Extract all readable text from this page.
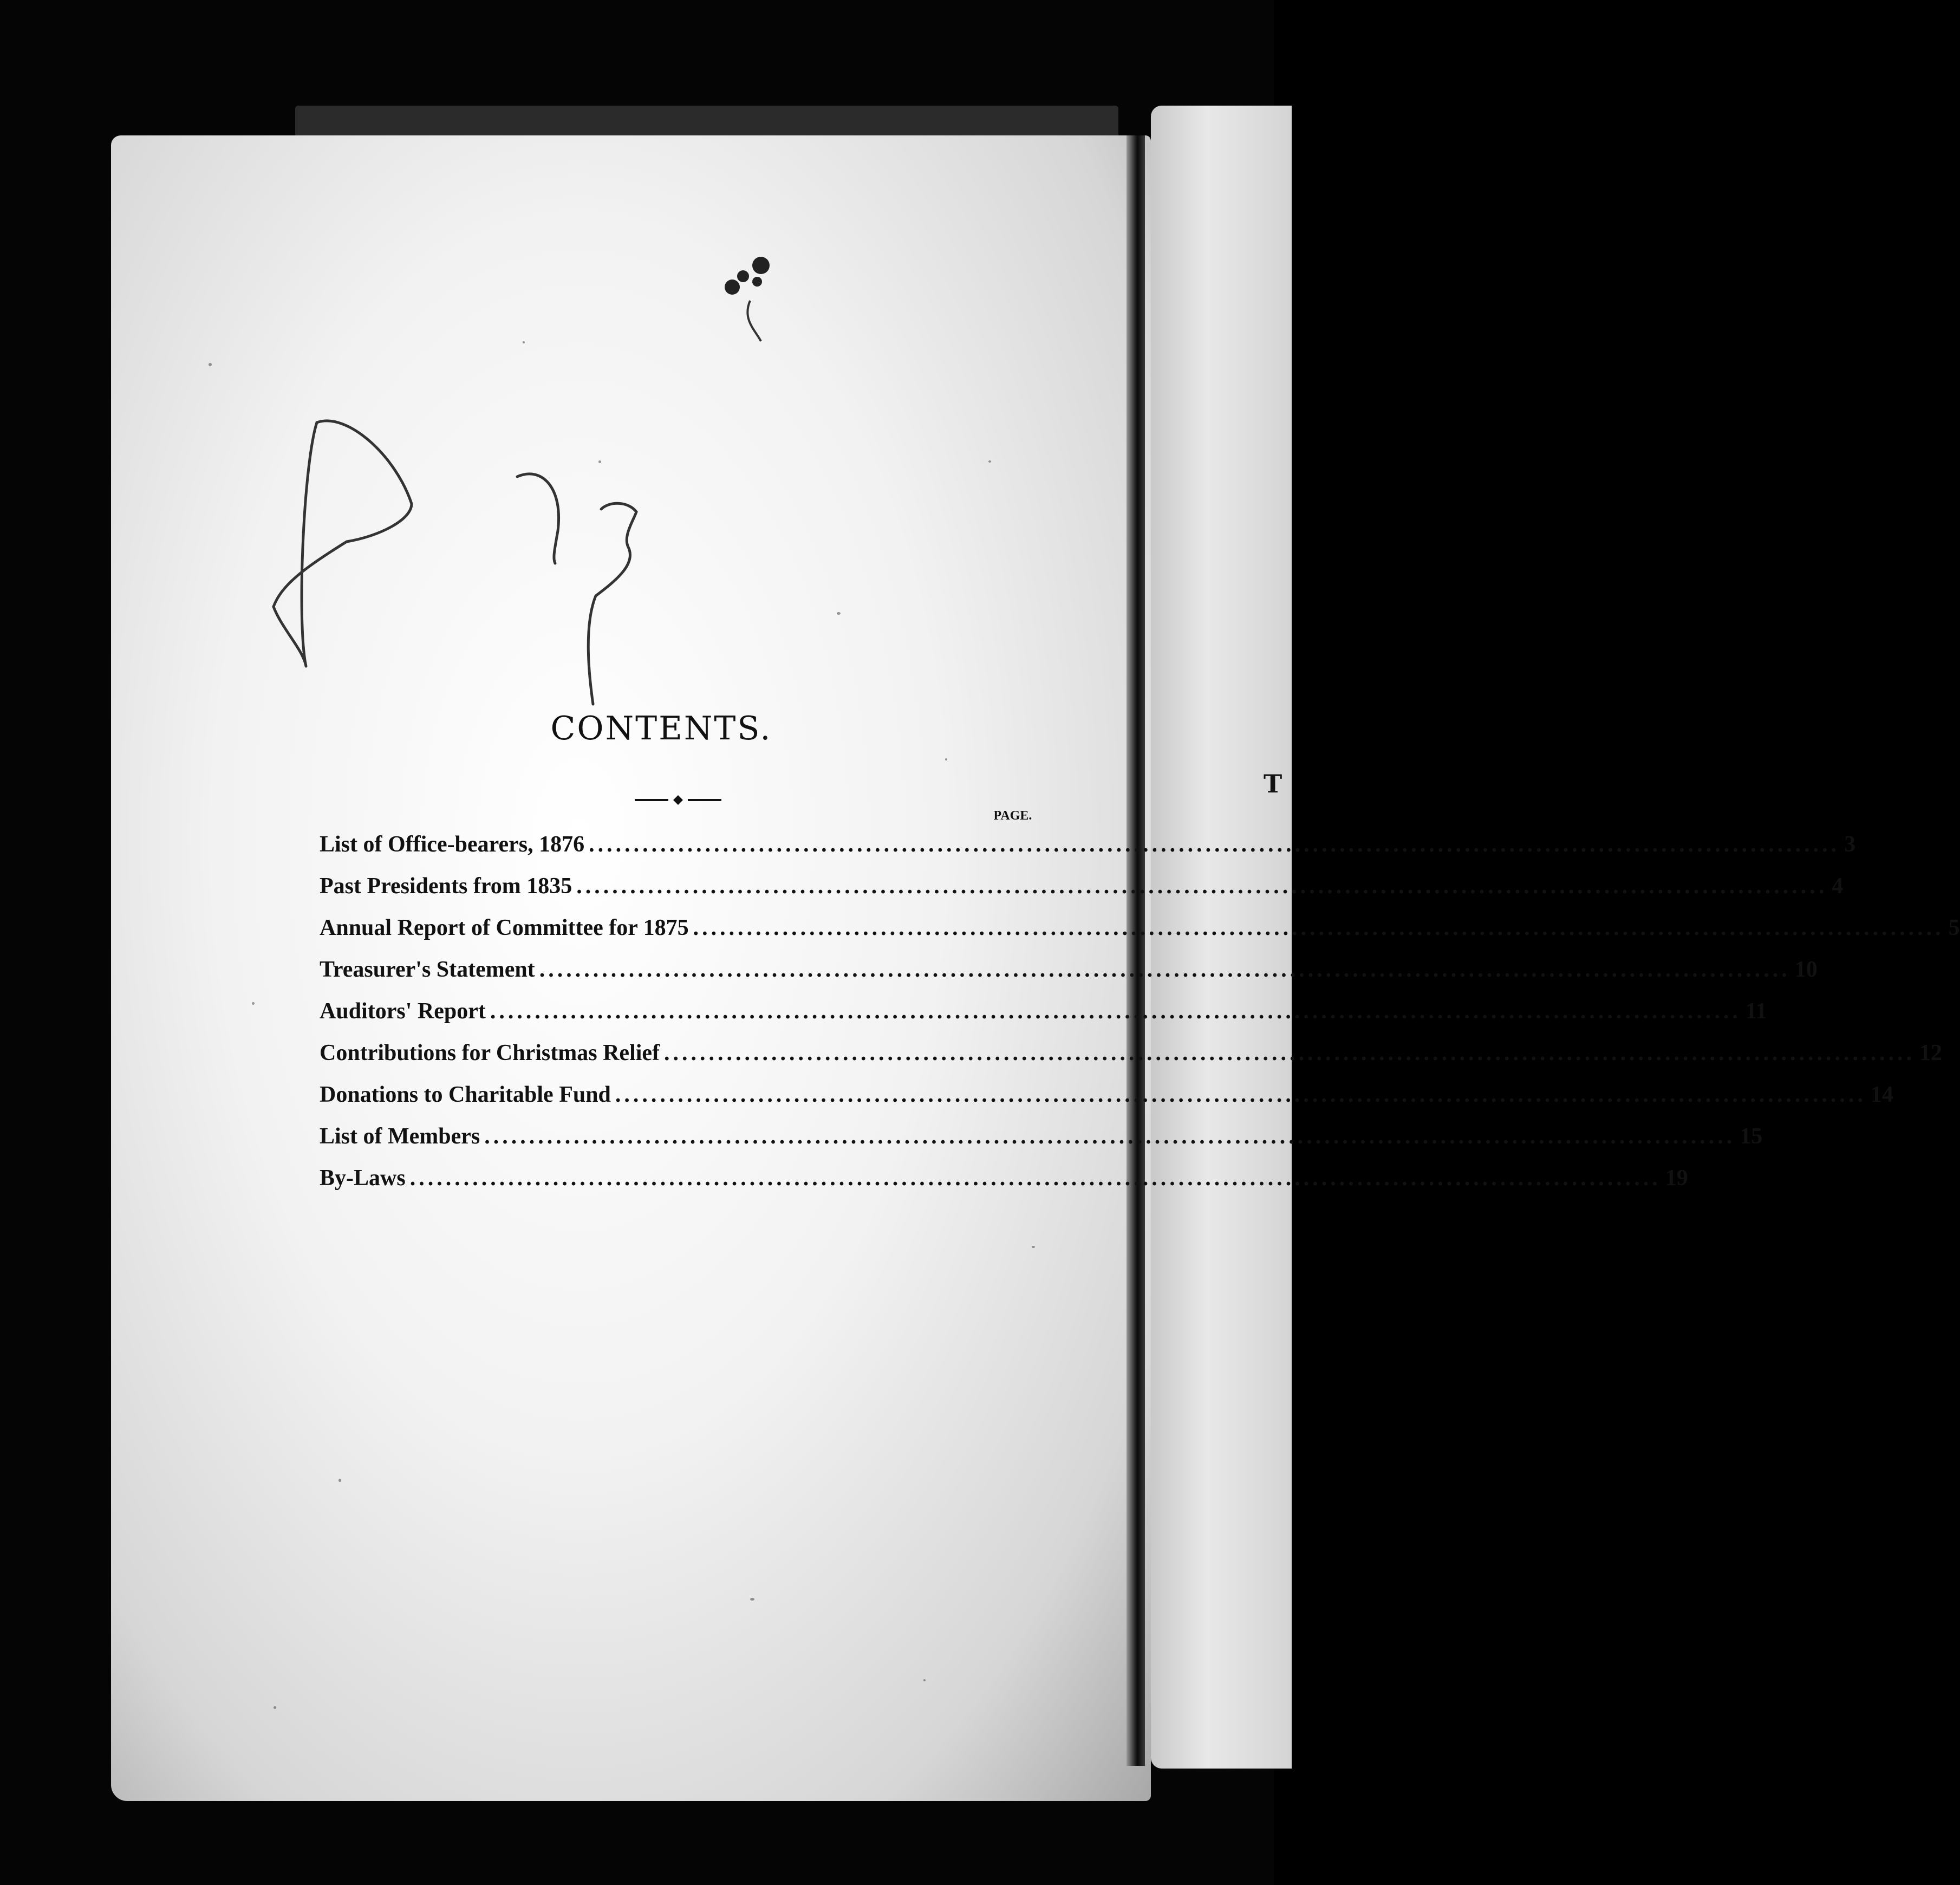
T
CONTENTS.
PAGE.
List of Office-bearers, 1876 .....	3
Past Presidents from 1835 .....	4
Annual Report of Committee for 1875 .....	5
Treasurer's Statement .....	10
Auditors' Report .....	11
Contributions for Christmas Relief .....	12
Donations to Charitable Fund .....	14
List of Members .....	15
By-Laws .....	19
